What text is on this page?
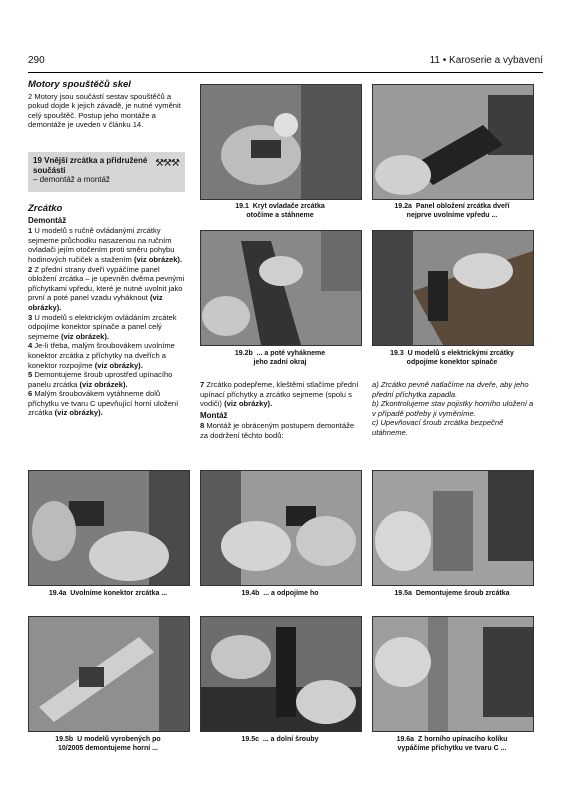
290	11 • Karoserie a vybavení
Motory spouštěčů skel

2 Motory jsou součástí sestav spouštěčů a pokud dojde k jejich závadě, je nutné vyměnit celý spouštěč. Postup jeho montáže a demontáže je uveden v článku 14.

19 Vnější zrcátka a přidružené
součásti
– demontáž a montáž
⚒⚒⚒
Zrcátko
Demontáž

1 U modelů s ručně ovládanými zrcátky sejmeme průchodku nasazenou na ručním ovladači jejím otočením proti směru pohybu hodinových ručiček a stažením (viz obrázek).

2 Z přední strany dveří vypáčíme panel obložení zrcátka – je upevněn dvěma pevnými příchytkami vpředu, které je nutné uvolnit jako první a poté panel vzadu vyháknout (viz obrázky).

3 U modelů s elektrickým ovládáním zrcátek odpojíme konektor spínače a panel celý sejmeme (viz obrázek).

4 Je-li třeba, malým šroubovákem uvolníme konektor zrcátka z příchytky na dveřích a konektor rozpojíme (viz obrázky).

5 Demontujeme šroub uprostřed upínacího panelu zrcátka (viz obrázek).

6 Malým šroubovákem vytáhneme dolů příchytku ve tvaru C upevňující horní uložení zrcátka (viz obrázky).

19.1 Kryt ovladače zrcátka
otočíme a stáhneme
19.2a Panel obložení zrcátka dveří
nejprve uvolníme vpředu ...
19.2b ... a poté vyhákneme
jeho zadní okraj
19.3 U modelů s elektrickými zrcátky
odpojíme konektor spínače

7 Zrcátko podepřeme, kleštěmi stlačíme přední upínací příchytky a zrcátko sejmeme (spolu s vodiči) (viz obrázky).

Montáž

8 Montáž je obráceným postupem demontáže za dodržení těchto bodů:

a) Zrcátko pevně natlačíme na dveře, aby jeho přední příchytka zapadla.

b) Zkontrolujeme stav pojistky horního uložení a v případě potřeby ji vyměníme.

c) Upevňovací šroub zrcátka bezpečně utáhneme.

19.4a Uvolníme konektor zrcátka ...	19.4b ... a odpojíme ho	19.5a Demontujeme šroub zrcátka
19.5b U modelů vyrobených po
10/2005 demontujeme horní ...
19.5c ... a dolní šrouby	19.6a Z horního upínacího kolíku
vypáčíme příchytku ve tvaru C ...
